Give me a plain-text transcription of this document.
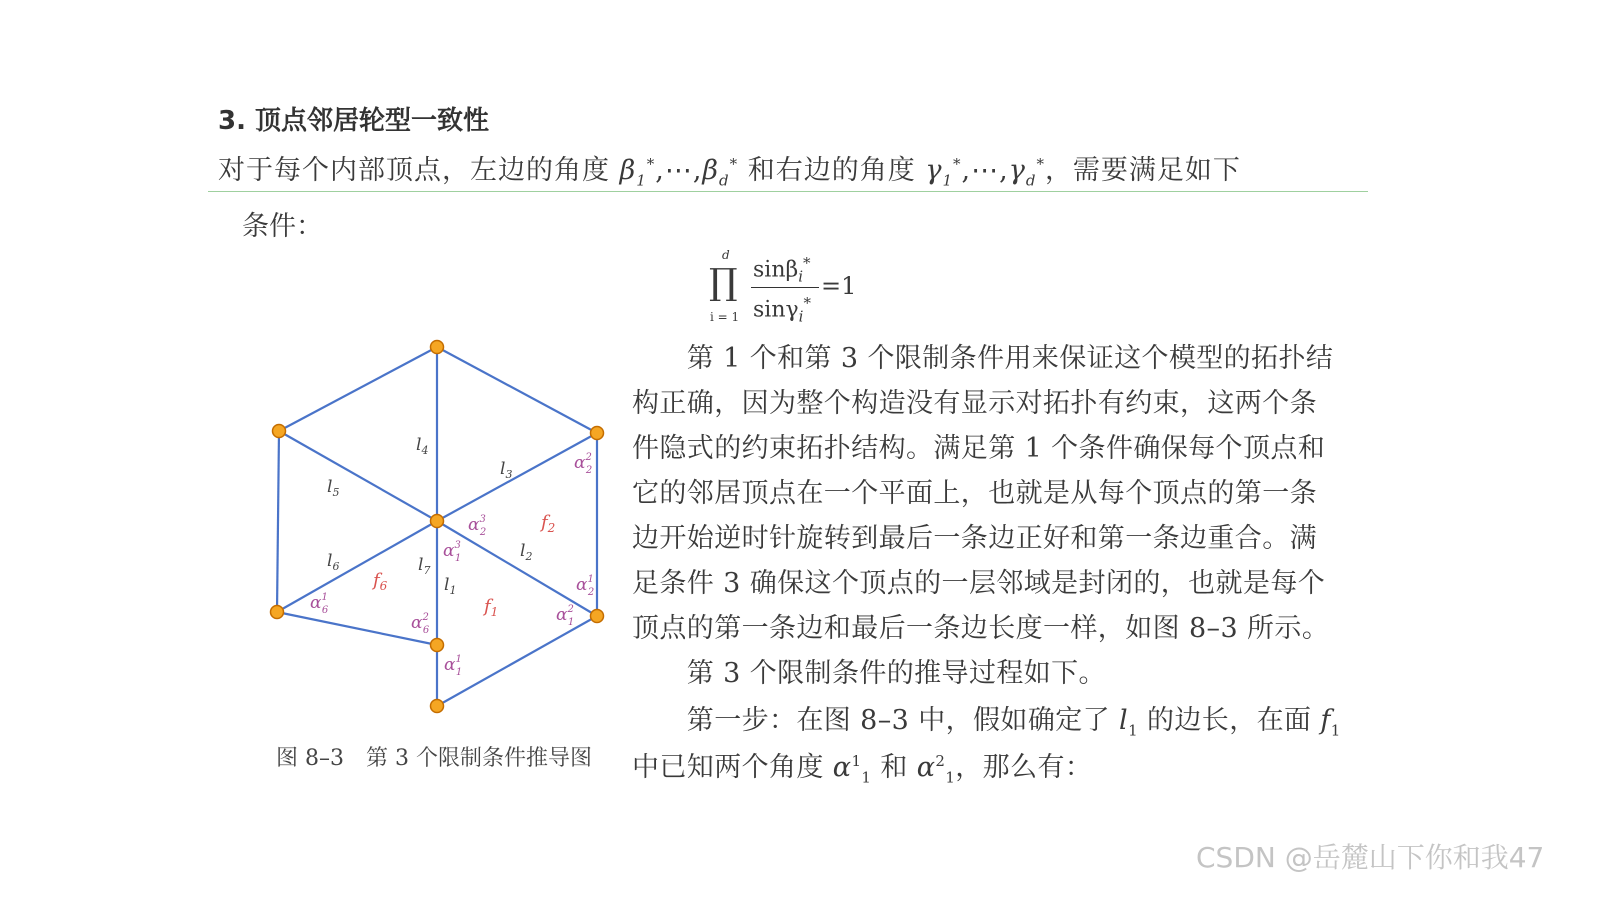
3. 顶点邻居轮型一致性
对于每个内部顶点，左边的角度 $\beta_1^*,\cdots,\beta_d^*$ 和右边的角度 $\gamma_1^*,\cdots,\gamma_d^*$，需要满足如下
条件：
∏
d
i = 1
sinβ$_i$*
sinγ$_i$*
=1
　　第 1 个和第 3 个限制条件用来保证这个模型的拓扑结
构正确，因为整个构造没有显示对拓扑有约束，这两个条
件隐式的约束拓扑结构。满足第 1 个条件确保每个顶点和
它的邻居顶点在一个平面上，也就是从每个顶点的第一条
边开始逆时针旋转到最后一条边正好和第一条边重合。满
足条件 3 确保这个顶点的一层邻域是封闭的，也就是每个
顶点的第一条边和最后一条边长度一样，如图 8–3 所示。
　　第 3 个限制条件的推导过程如下。
　　第一步：在图 8–3 中，假如确定了 $l_1$ 的边长，在面 $f_1$
中已知两个角度 $\alpha^1_1$ 和 $\alpha^2_1$，那么有：
$l_4$
$l_3$
$l_5$
$l_6$	$l_7$
$l_1$
$l_2$
$f_2$
$f_6$
$f_1$
$\alpha^2$ 2
$\alpha^3$ 2
$\alpha^3$ 1
$\alpha^1$ 2
$\alpha^1$ 6
$\alpha^2$ 6
$\alpha^2$ 1
$\alpha^1$ 1
图 8–3　第 3 个限制条件推导图
CSDN @岳麓山下你和我47
